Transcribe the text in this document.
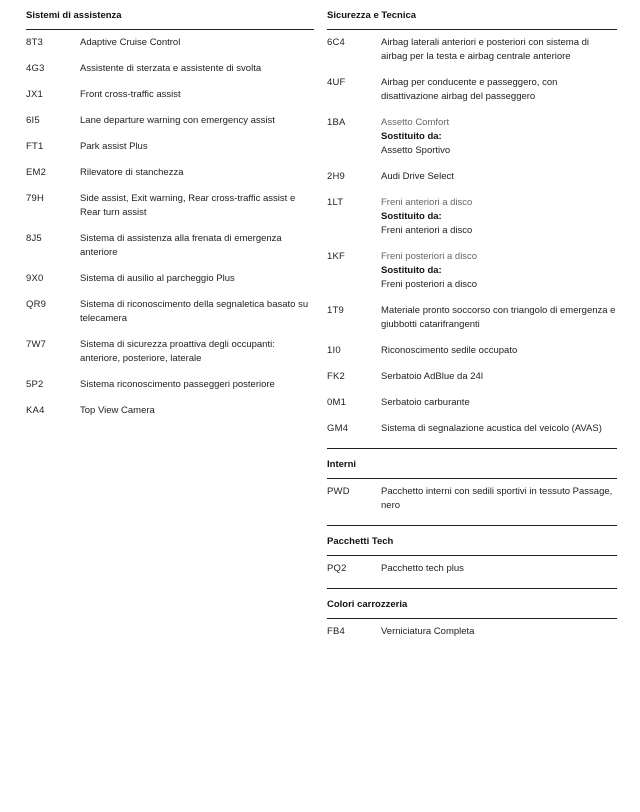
Sistemi di assistenza
8T3	Adaptive Cruise Control
4G3	Assistente di sterzata e assistente di svolta
JX1	Front cross-traffic assist
6I5	Lane departure warning con emergency assist
FT1	Park assist Plus
EM2	Rilevatore di stanchezza
79H	Side assist, Exit warning, Rear cross-traffic assist e Rear turn assist
8J5	Sistema di assistenza alla frenata di emergenza anteriore
9X0	Sistema di ausilio al parcheggio Plus
QR9	Sistema di riconoscimento della segnaletica basato su telecamera
7W7	Sistema di sicurezza proattiva degli occupanti: anteriore, posteriore, laterale
5P2	Sistema riconoscimento passeggeri posteriore
KA4	Top View Camera
Sicurezza e Tecnica
6C4	Airbag laterali anteriori e posteriori con sistema di airbag per la testa e airbag centrale anteriore
4UF	Airbag per conducente e passeggero, con disattivazione airbag del passeggero
1BA	Assetto Comfort
Sostituito da:
Assetto Sportivo
2H9	Audi Drive Select
1LT	Freni anteriori a disco
Sostituito da:
Freni anteriori a disco
1KF	Freni posteriori a disco
Sostituito da:
Freni posteriori a disco
1T9	Materiale pronto soccorso con triangolo di emergenza e giubbotti catarifrangenti
1I0	Riconoscimento sedile occupato
FK2	Serbatoio AdBlue da 24l
0M1	Serbatoio carburante
GM4	Sistema di segnalazione acustica del veicolo (AVAS)
Interni
PWD	Pacchetto interni con sedili sportivi in tessuto Passage, nero
Pacchetti Tech
PQ2	Pacchetto tech plus
Colori carrozzeria
FB4	Verniciatura Completa
